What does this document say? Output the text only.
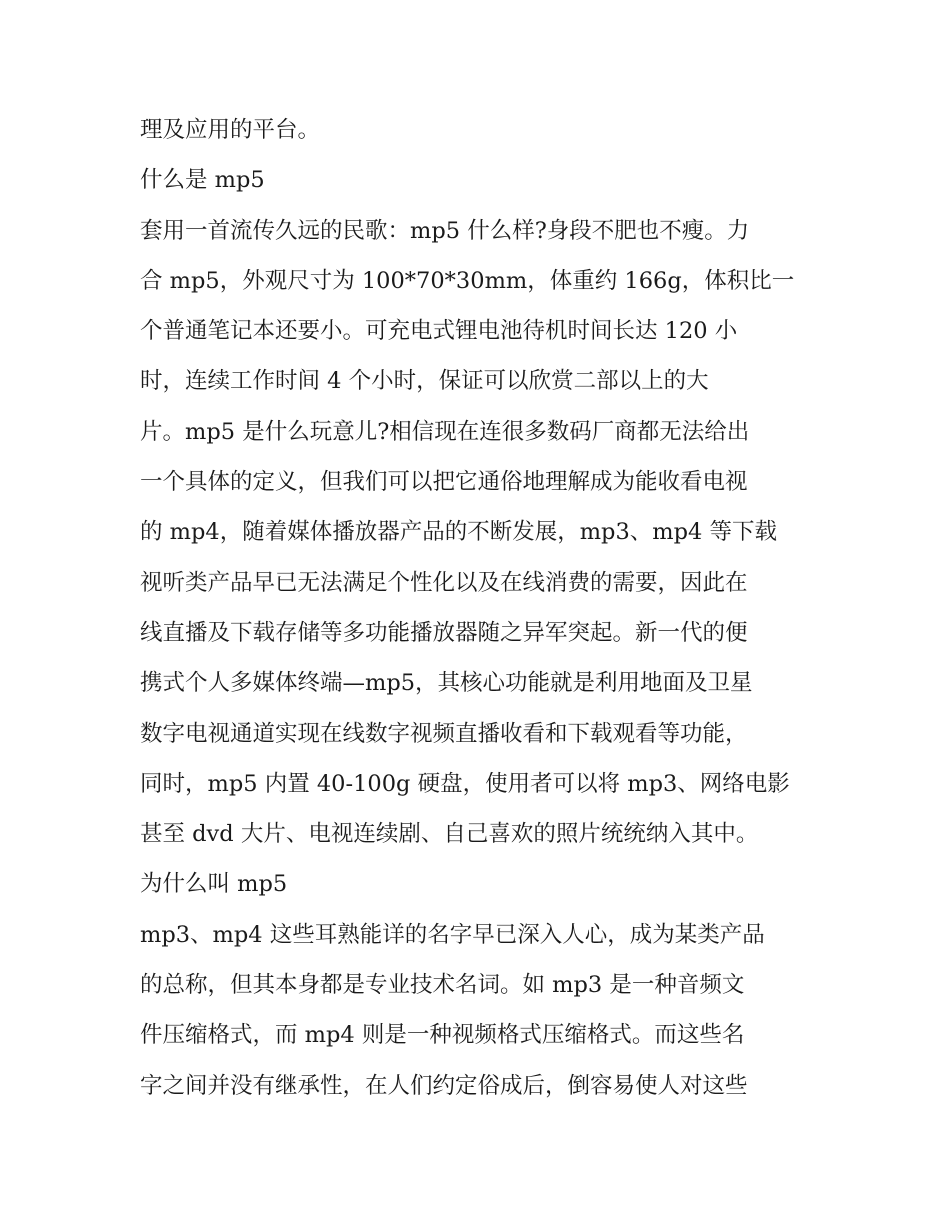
理及应用的平台。
什么是 mp5
套用一首流传久远的民歌：mp5 什么样?身段不肥也不瘦。力
合 mp5，外观尺寸为 100*70*30mm，体重约 166g，体积比一
个普通笔记本还要小。可充电式锂电池待机时间长达 120 小
时，连续工作时间 4 个小时，保证可以欣赏二部以上的大
片。mp5 是什么玩意儿?相信现在连很多数码厂商都无法给出
一个具体的定义，但我们可以把它通俗地理解成为能收看电视
的 mp4，随着媒体播放器产品的不断发展，mp3、mp4 等下载
视听类产品早已无法满足个性化以及在线消费的需要，因此在
线直播及下载存储等多功能播放器随之异军突起。新一代的便
携式个人多媒体终端—mp5，其核心功能就是利用地面及卫星
数字电视通道实现在线数字视频直播收看和下载观看等功能，
同时，mp5 内置 40-100g 硬盘，使用者可以将 mp3、网络电影
甚至 dvd 大片、电视连续剧、自己喜欢的照片统统纳入其中。
为什么叫 mp5
mp3、mp4 这些耳熟能详的名字早已深入人心，成为某类产品
的总称，但其本身都是专业技术名词。如 mp3 是一种音频文
件压缩格式，而 mp4 则是一种视频格式压缩格式。而这些名
字之间并没有继承性，在人们约定俗成后，倒容易使人对这些
